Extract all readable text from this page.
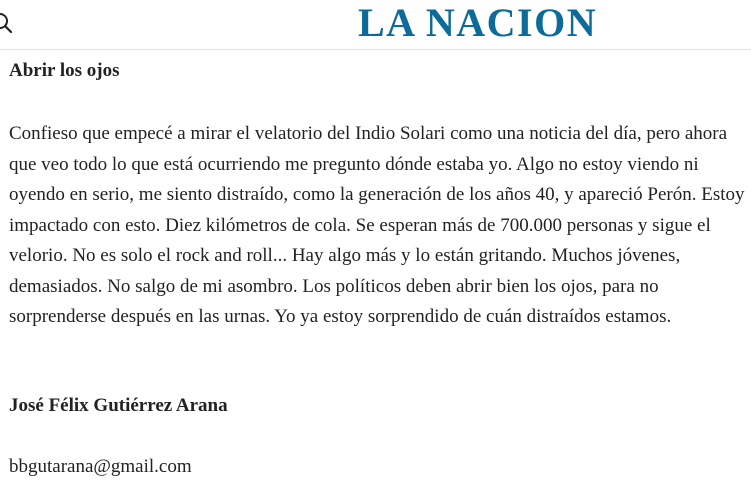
LA NACION
Abrir los ojos

Confieso que empecé a mirar el velatorio del Indio Solari como una noticia del día, pero ahora que veo todo lo que está ocurriendo me pregunto dónde estaba yo. Algo no estoy viendo ni oyendo en serio, me siento distraído, como la generación de los años 40, y apareció Perón. Estoy impactado con esto. Diez kilómetros de cola. Se esperan más de 700.000 personas y sigue el velorio. No es solo el rock and roll... Hay algo más y lo están gritando. Muchos jóvenes, demasiados. No salgo de mi asombro. Los políticos deben abrir bien los ojos, para no sorprenderse después en las urnas. Yo ya estoy sorprendido de cuán distraídos estamos.

José Félix Gutiérrez Arana

bbgutarana@gmail.com
